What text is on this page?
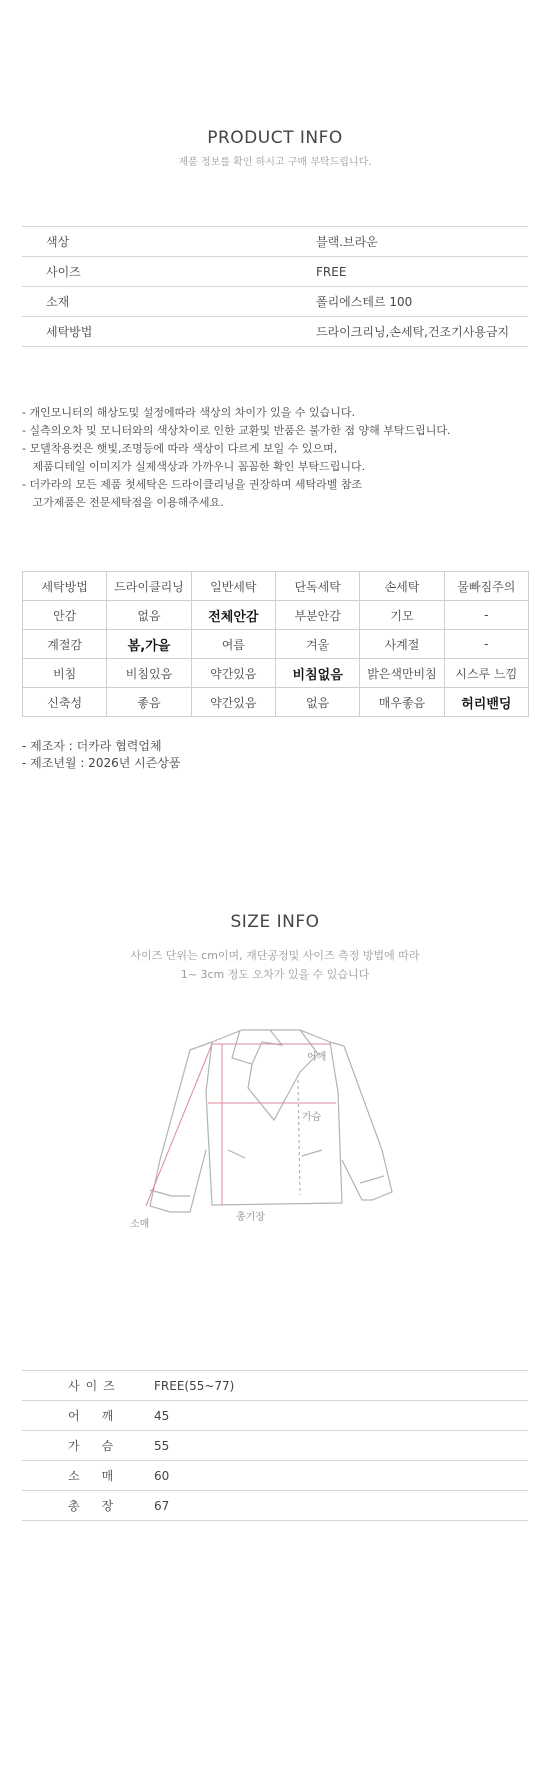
PRODUCT INFO
제품 정보를 확인 하시고 구매 부탁드립니다.
색상	블랙.브라운
사이즈	FREE
소재	폴리에스테르 100
세탁방법	드라이크리닝,손세탁,건조기사용금지
- 개인모니터의 해상도및 설정에따라 색상의 차이가 있을 수 있습니다.
- 실측의오차 및 모니터와의 색상차이로 인한 교환및 반품은 불가한 점 양해 부탁드립니다.
- 모델착용컷은 햇빛,조명등에 따라 색상이 다르게 보일 수 있으며,
제품디테일 이미지가 실제색상과 가까우니 꼼꼼한 확인 부탁드립니다.
- 더카라의 모든 제품 첫세탁은 드라이클리닝을 권장하며 세탁라벨 참조
고가제품은 전문세탁점을 이용해주세요.
세탁방법	드라이클리닝	일반세탁	단독세탁	손세탁	물빠짐주의
안감	없음	전체안감	부분안감	기모	-
계절감	봄,가을	여름	겨울	사계절	-
비침	비침있음	약간있음	비침없음	밝은색만비침	시스루 느낌
신축성	좋음	약간있음	없음	매우좋음	허리밴딩
- 제조자 : 더카라 협력업체
- 제조년월 : 2026년 시즌상품
SIZE INFO
사이즈 단위는 cm이며, 재단공정및 사이즈 측정 방법에 따라
1~ 3cm 정도 오차가 있을 수 있습니다
어깨
가슴
소매
총기장
사이즈	FREE(55~77)
어깨	45
가슴	55
소매	60
총장	67
